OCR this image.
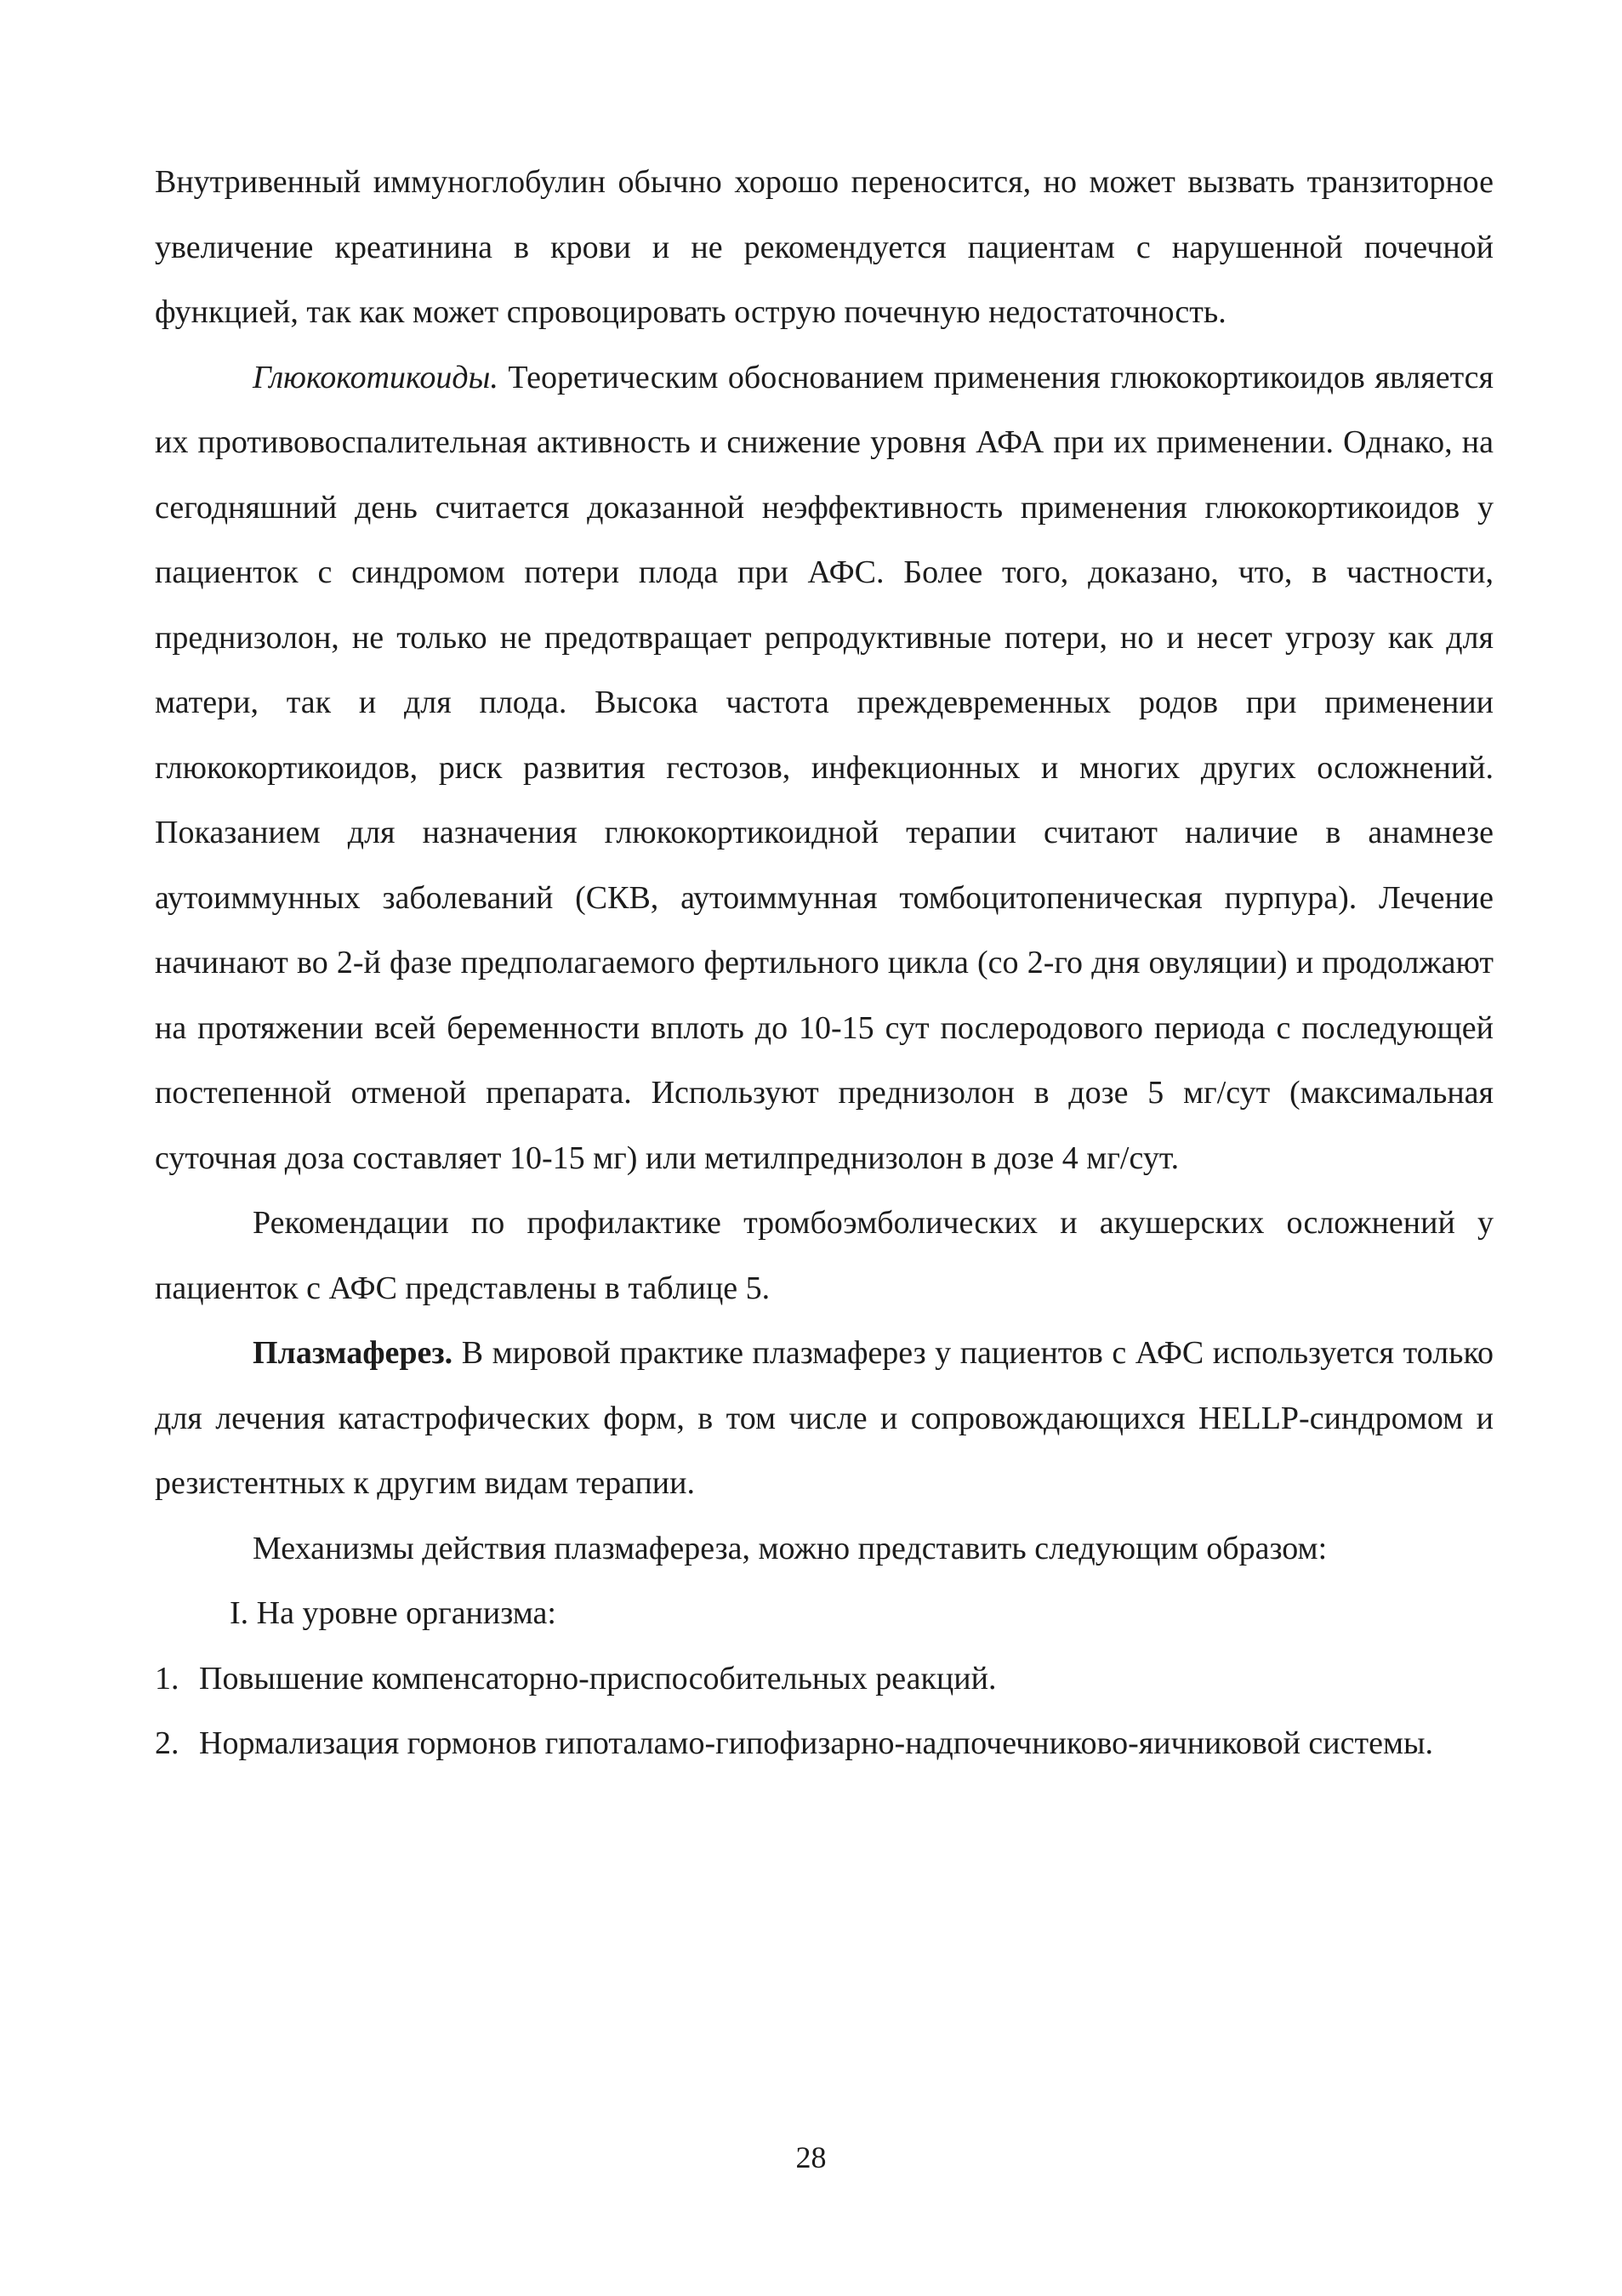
Внутривенный иммуноглобулин обычно хорошо переносится, но может вызвать транзиторное увеличение креатинина в крови и не рекомендуется пациентам с нарушенной почечной функцией, так как может спровоцировать острую почечную недостаточность.

Глюкокотикоиды. Теоретическим обоснованием применения глюкокортикоидов является их противовоспалительная активность и снижение уровня АФА при их применении. Однако, на сегодняшний день считается доказанной неэффективность применения глюкокортикоидов у пациенток с синдромом потери плода при АФС. Более того, доказано, что, в частности, преднизолон, не только не предотвращает репродуктивные потери, но и несет угрозу как для матери, так и для плода. Высока частота преждевременных родов при применении глюкокортикоидов, риск развития гестозов, инфекционных и многих других осложнений. Показанием для назначения глюкокортикоидной терапии считают наличие в анамнезе аутоиммунных заболеваний (СКВ, аутоиммунная томбоцитопеническая пурпура). Лечение начинают во 2-й фазе предполагаемого фертильного цикла (со 2-го дня овуляции) и продолжают на протяжении всей беременности вплоть до 10-15 сут послеродового периода с последующей постепенной отменой препарата. Используют преднизолон в дозе 5 мг/сут (максимальная суточная доза составляет 10-15 мг) или метилпреднизолон в дозе 4 мг/сут.

Рекомендации по профилактике тромбоэмболических и акушерских осложнений у пациенток с АФС представлены в таблице 5.

Плазмаферез. В мировой практике плазмаферез у пациентов с АФС используется только для лечения катастрофических форм, в том числе и сопровождающихся HELLP-синдромом и резистентных к другим видам терапии.

Механизмы действия плазмафереза, можно представить следующим образом:

I. На уровне организма:

1. Повышение компенсаторно-приспособительных реакций.
2. Нормализация гормонов гипоталамо-гипофизарно-надпочечниково-яичниковой системы.
28
